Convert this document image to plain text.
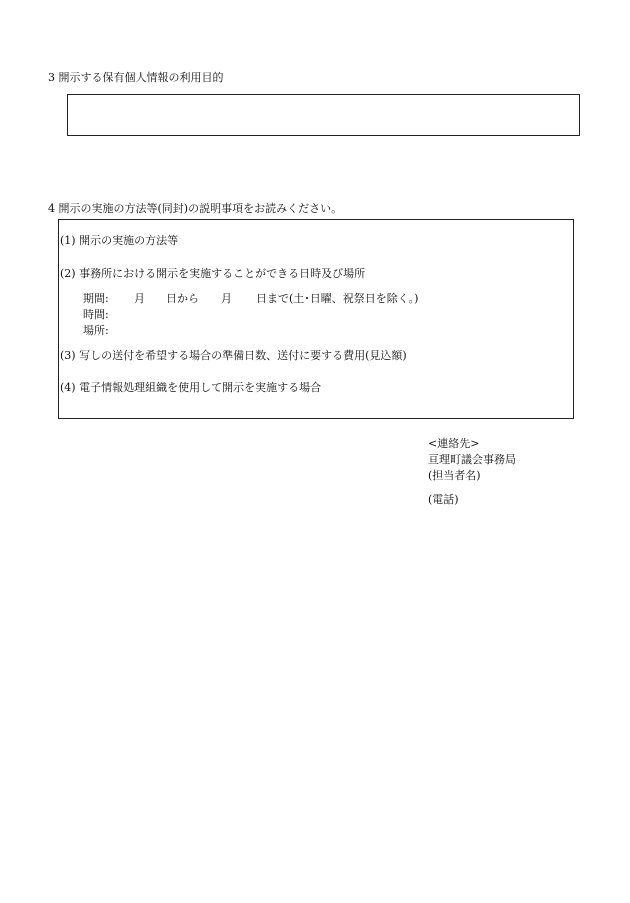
3 開示する保有個人情報の利用目的
4 開示の実施の方法等(同封)の説明事項をお読みください。
(1) 開示の実施の方法等
(2) 事務所における開示を実施することができる日時及び場所
期間: 月 日から 月 日まで(土･日曜、祝祭日を除く。)
時間:
場所:
(3) 写しの送付を希望する場合の準備日数、送付に要する費用(見込額)
(4) 電子情報処理組織を使用して開示を実施する場合
<連絡先>
亘理町議会事務局
(担当者名)
(電話)
